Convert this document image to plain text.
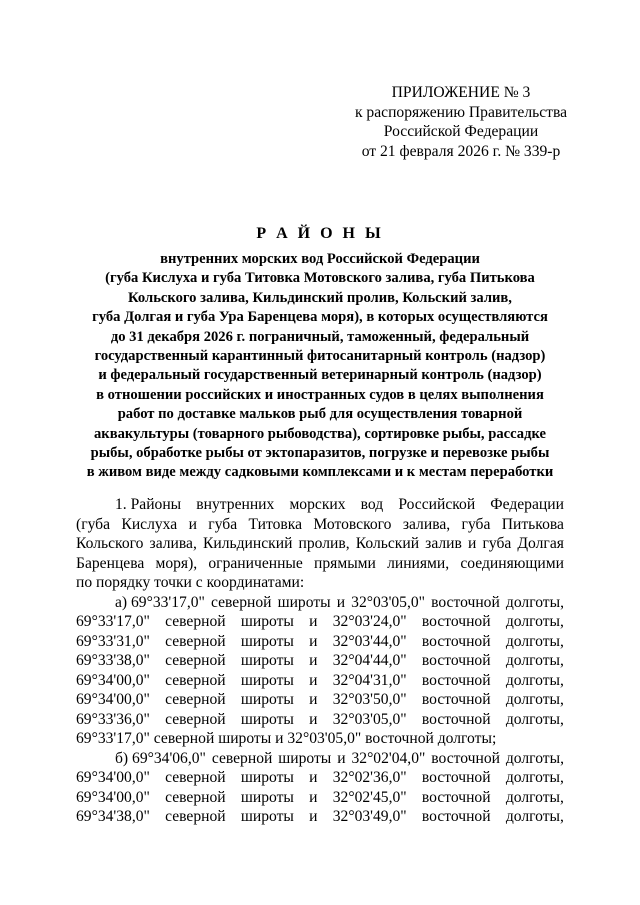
ПРИЛОЖЕНИЕ № 3
к распоряжению Правительства
Российской Федерации
от 21 февраля 2026 г. № 339-р
Р А Й О Н Ы
внутренних морских вод Российской Федерации
(губа Кислуха и губа Титовка Мотовского залива, губа Питькова
Кольского залива, Кильдинский пролив, Кольский залив,
губа Долгая и губа Ура Баренцева моря), в которых осуществляются
до 31 декабря 2026 г. пограничный, таможенный, федеральный
государственный карантинный фитосанитарный контроль (надзор)
и федеральный государственный ветеринарный контроль (надзор)
в отношении российских и иностранных судов в целях выполнения
работ по доставке мальков рыб для осуществления товарной
аквакультуры (товарного рыбоводства), сортировке рыбы, рассадке
рыбы, обработке рыбы от эктопаразитов, погрузке и перевозке рыбы
в живом виде между садковыми комплексами и к местам переработки
1. Районы внутренних морских вод Российской Федерации
(губа Кислуха и губа Титовка Мотовского залива, губа Питькова
Кольского залива, Кильдинский пролив, Кольский залив и губа Долгая
Баренцева моря), ограниченные прямыми линиями, соединяющими
по порядку точки с координатами:
а) 69°33'17,0" северной широты и 32°03'05,0" восточной долготы,
69°33'17,0" северной широты и 32°03'24,0" восточной долготы,
69°33'31,0" северной широты и 32°03'44,0" восточной долготы,
69°33'38,0" северной широты и 32°04'44,0" восточной долготы,
69°34'00,0" северной широты и 32°04'31,0" восточной долготы,
69°34'00,0" северной широты и 32°03'50,0" восточной долготы,
69°33'36,0" северной широты и 32°03'05,0" восточной долготы,
69°33'17,0" северной широты и 32°03'05,0" восточной долготы;
б) 69°34'06,0" северной широты и 32°02'04,0" восточной долготы,
69°34'00,0" северной широты и 32°02'36,0" восточной долготы,
69°34'00,0" северной широты и 32°02'45,0" восточной долготы,
69°34'38,0" северной широты и 32°03'49,0" восточной долготы,
